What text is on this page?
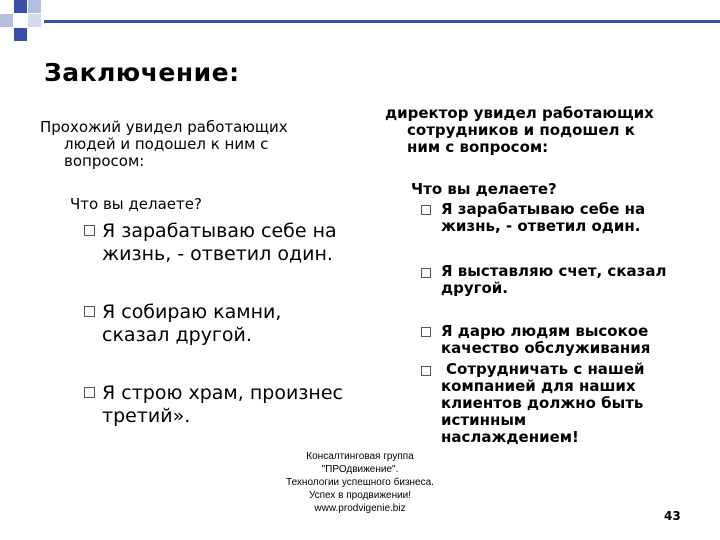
Заключение:
Прохожий увидел работающих
людей и подошел к ним с
вопросом:
Что вы делаете?
Я зарабатываю себе на
жизнь, - ответил один.
Я собираю камни,
сказал другой.
Я строю храм, произнес
третий».
директор увидел работающих
сотрудников и подошел к
ним с вопросом:
Что вы делаете?
Я зарабатываю себе на
жизнь, - ответил один.
Я выставляю счет, сказал
другой.
Я дарю людям высокое
качество обслуживания
Сотрудничать с нашей
компанией для наших
клиентов должно быть
истинным
наслаждением!
Консалтинговая группа
"ПРОдвижение".
Технологии успешного бизнеса.
Успех в продвижении!
www.prodvigenie.biz
43
